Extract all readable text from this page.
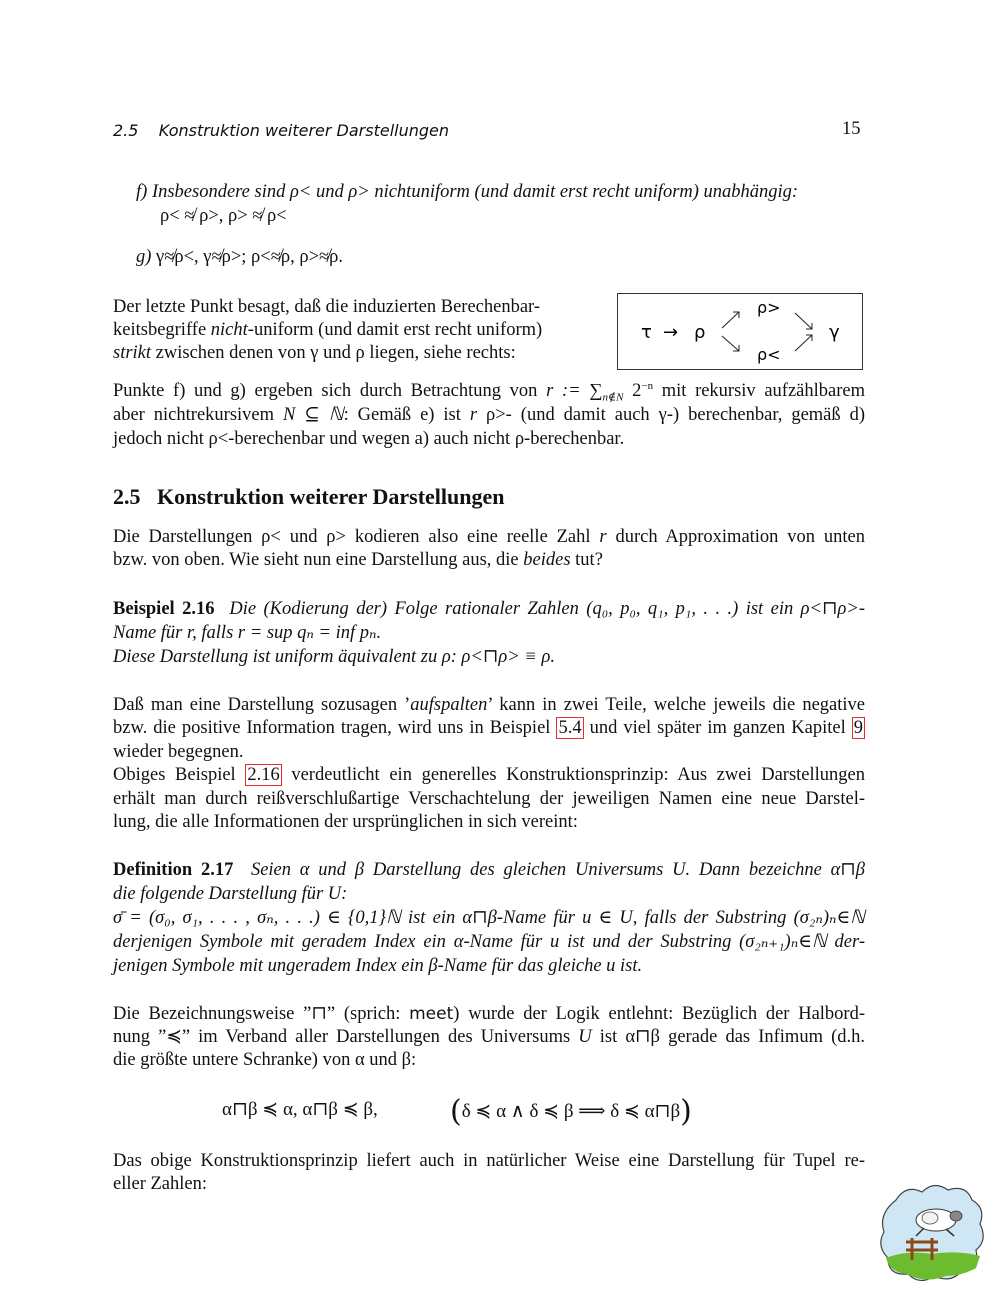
2.5 Konstruktion weiterer Darstellungen	15
f) Insbesondere sind ρ< und ρ> nichtuniform (und damit erst recht uniform) unabhängig:
ρ< ≉ ρ>, ρ> ≉ ρ<
g) γ≉ρ<, γ≉ρ>; ρ<≉ρ, ρ>≉ρ.
Der letzte Punkt besagt, daß die induzierten Berechenbar-
keitsbegriffe nicht-uniform (und damit erst recht uniform)
strikt zwischen denen von γ und ρ liegen, siehe rechts:
τ → ρ
ρ>
ρ<
γ
Punkte f) und g) ergeben sich durch Betrachtung von r := $\sum_{n\notin N}$ $2^{-n}$ mit rekursiv aufzählbarem
aber nichtrekursivem N ⊆ ℕ: Gemäß e) ist r ρ>- (und damit auch γ-) berechenbar, gemäß d)
jedoch nicht ρ<-berechenbar und wegen a) auch nicht ρ-berechenbar.
2.5 Konstruktion weiterer Darstellungen
Die Darstellungen ρ< und ρ> kodieren also eine reelle Zahl r durch Approximation von unten
bzw. von oben. Wie sieht nun eine Darstellung aus, die beides tut?
Beispiel 2.16 Die (Kodierung der) Folge rationaler Zahlen (q₀, p₀, q₁, p₁, . . .) ist ein ρ<⊓ρ>-
Name für r, falls r = sup qₙ = inf pₙ.
Diese Darstellung ist uniform äquivalent zu ρ: ρ<⊓ρ> ≡ ρ.
Daß man eine Darstellung sozusagen ’aufspalten’ kann in zwei Teile, welche jeweils die negative
bzw. die positive Information tragen, wird uns in Beispiel 5.4 und viel später im ganzen Kapitel 9
wieder begegnen.
Obiges Beispiel 2.16 verdeutlicht ein generelles Konstruktionsprinzip: Aus zwei Darstellungen
erhält man durch reißverschlußartige Verschachtelung der jeweiligen Namen eine neue Darstel-
lung, die alle Informationen der ursprünglichen in sich vereint:
Definition 2.17 Seien α und β Darstellung des gleichen Universums U. Dann bezeichne α⊓β
die folgende Darstellung für U:
σ̄ = (σ₀, σ₁, . . . , σₙ, . . .) ∈ {0,1}ℕ ist ein α⊓β-Name für u ∈ U, falls der Substring (σ₂ₙ)ₙ∈ℕ
derjenigen Symbole mit geradem Index ein α-Name für u ist und der Substring (σ₂ₙ₊₁)ₙ∈ℕ der-
jenigen Symbole mit ungeradem Index ein β-Name für das gleiche u ist.
Die Bezeichnungsweise ”⊓” (sprich: meet) wurde der Logik entlehnt: Bezüglich der Halbord-
nung ”≼” im Verband aller Darstellungen des Universums U ist α⊓β gerade das Infimum (d.h.
die größte untere Schranke) von α und β:
α⊓β ≼ α, α⊓β ≼ β, (δ ≼ α ∧ δ ≼ β ⟹ δ ≼ α⊓β)
Das obige Konstruktionsprinzip liefert auch in natürlicher Weise eine Darstellung für Tupel re-
eller Zahlen:
